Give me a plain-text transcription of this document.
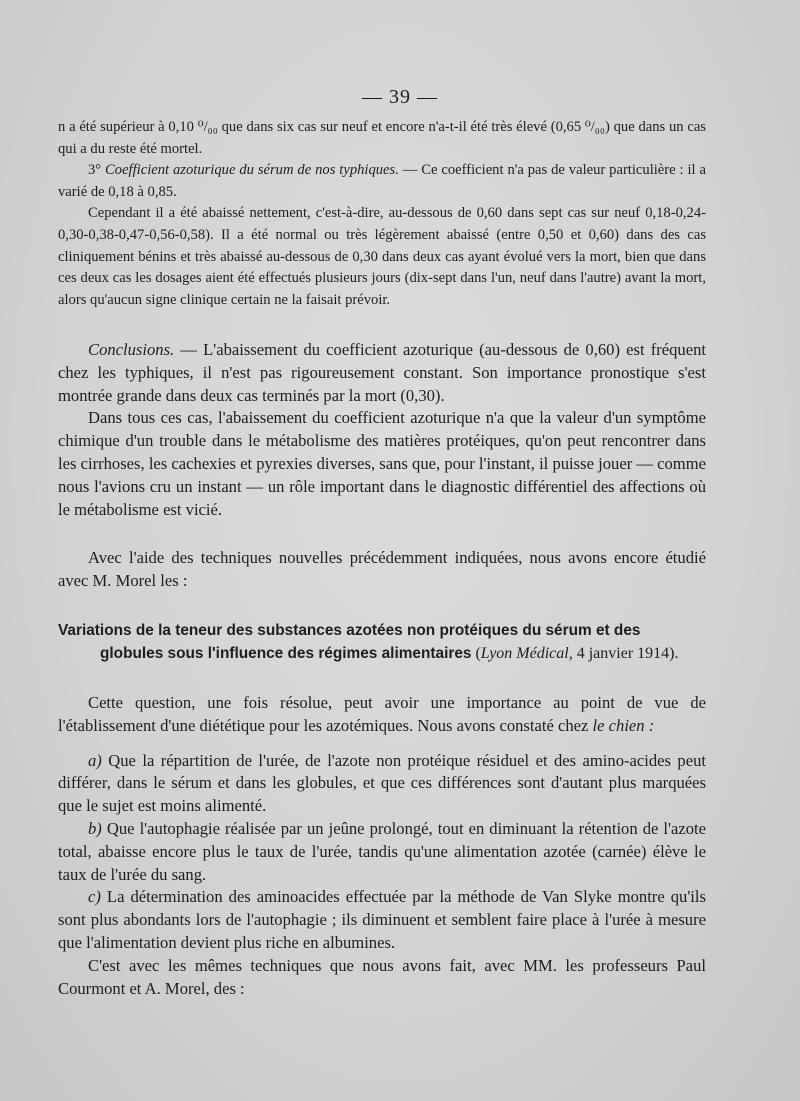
— 39 —

n a été supérieur à 0,10 ⁰/₀₀ que dans six cas sur neuf et encore n'a-t-il été très élevé (0,65 ⁰/₀₀) que dans un cas qui a du reste été mortel.

3° Coefficient azoturique du sérum de nos typhiques. — Ce coefficient n'a pas de valeur particulière : il a varié de 0,18 à 0,85.

Cependant il a été abaissé nettement, c'est-à-dire, au-dessous de 0,60 dans sept cas sur neuf 0,18-0,24-0,30-0,38-0,47-0,56-0,58). Il a été normal ou très légèrement abaissé (entre 0,50 et 0,60) dans des cas cliniquement bénins et très abaissé au-dessous de 0,30 dans deux cas ayant évolué vers la mort, bien que dans ces deux cas les dosages aient été effectués plusieurs jours (dix-sept dans l'un, neuf dans l'autre) avant la mort, alors qu'aucun signe clinique certain ne la faisait prévoir.

Conclusions. — L'abaissement du coefficient azoturique (au-dessous de 0,60) est fréquent chez les typhiques, il n'est pas rigoureusement constant. Son importance pronostique s'est montrée grande dans deux cas terminés par la mort (0,30).

Dans tous ces cas, l'abaissement du coefficient azoturique n'a que la valeur d'un symptôme chimique d'un trouble dans le métabolisme des matières protéiques, qu'on peut rencontrer dans les cirrhoses, les cachexies et pyrexies diverses, sans que, pour l'instant, il puisse jouer — comme nous l'avions cru un instant — un rôle important dans le diagnostic différentiel des affections où le métabolisme est vicié.

Avec l'aide des techniques nouvelles précédemment indiquées, nous avons encore étudié avec M. Morel les :

Variations de la teneur des substances azotées non protéiques du sérum et des
globules sous l'influence des régimes alimentaires (Lyon Médical, 4 janvier 1914).

Cette question, une fois résolue, peut avoir une importance au point de vue de l'établissement d'une diététique pour les azotémiques. Nous avons constaté chez le chien :

a) Que la répartition de l'urée, de l'azote non protéique résiduel et des amino-acides peut différer, dans le sérum et dans les globules, et que ces différences sont d'autant plus marquées que le sujet est moins alimenté.

b) Que l'autophagie réalisée par un jeûne prolongé, tout en diminuant la rétention de l'azote total, abaisse encore plus le taux de l'urée, tandis qu'une alimentation azotée (carnée) élève le taux de l'urée du sang.

c) La détermination des aminoacides effectuée par la méthode de Van Slyke montre qu'ils sont plus abondants lors de l'autophagie ; ils diminuent et semblent faire place à l'urée à mesure que l'alimentation devient plus riche en albumines.

C'est avec les mêmes techniques que nous avons fait, avec MM. les professeurs Paul Courmont et A. Morel, des :
